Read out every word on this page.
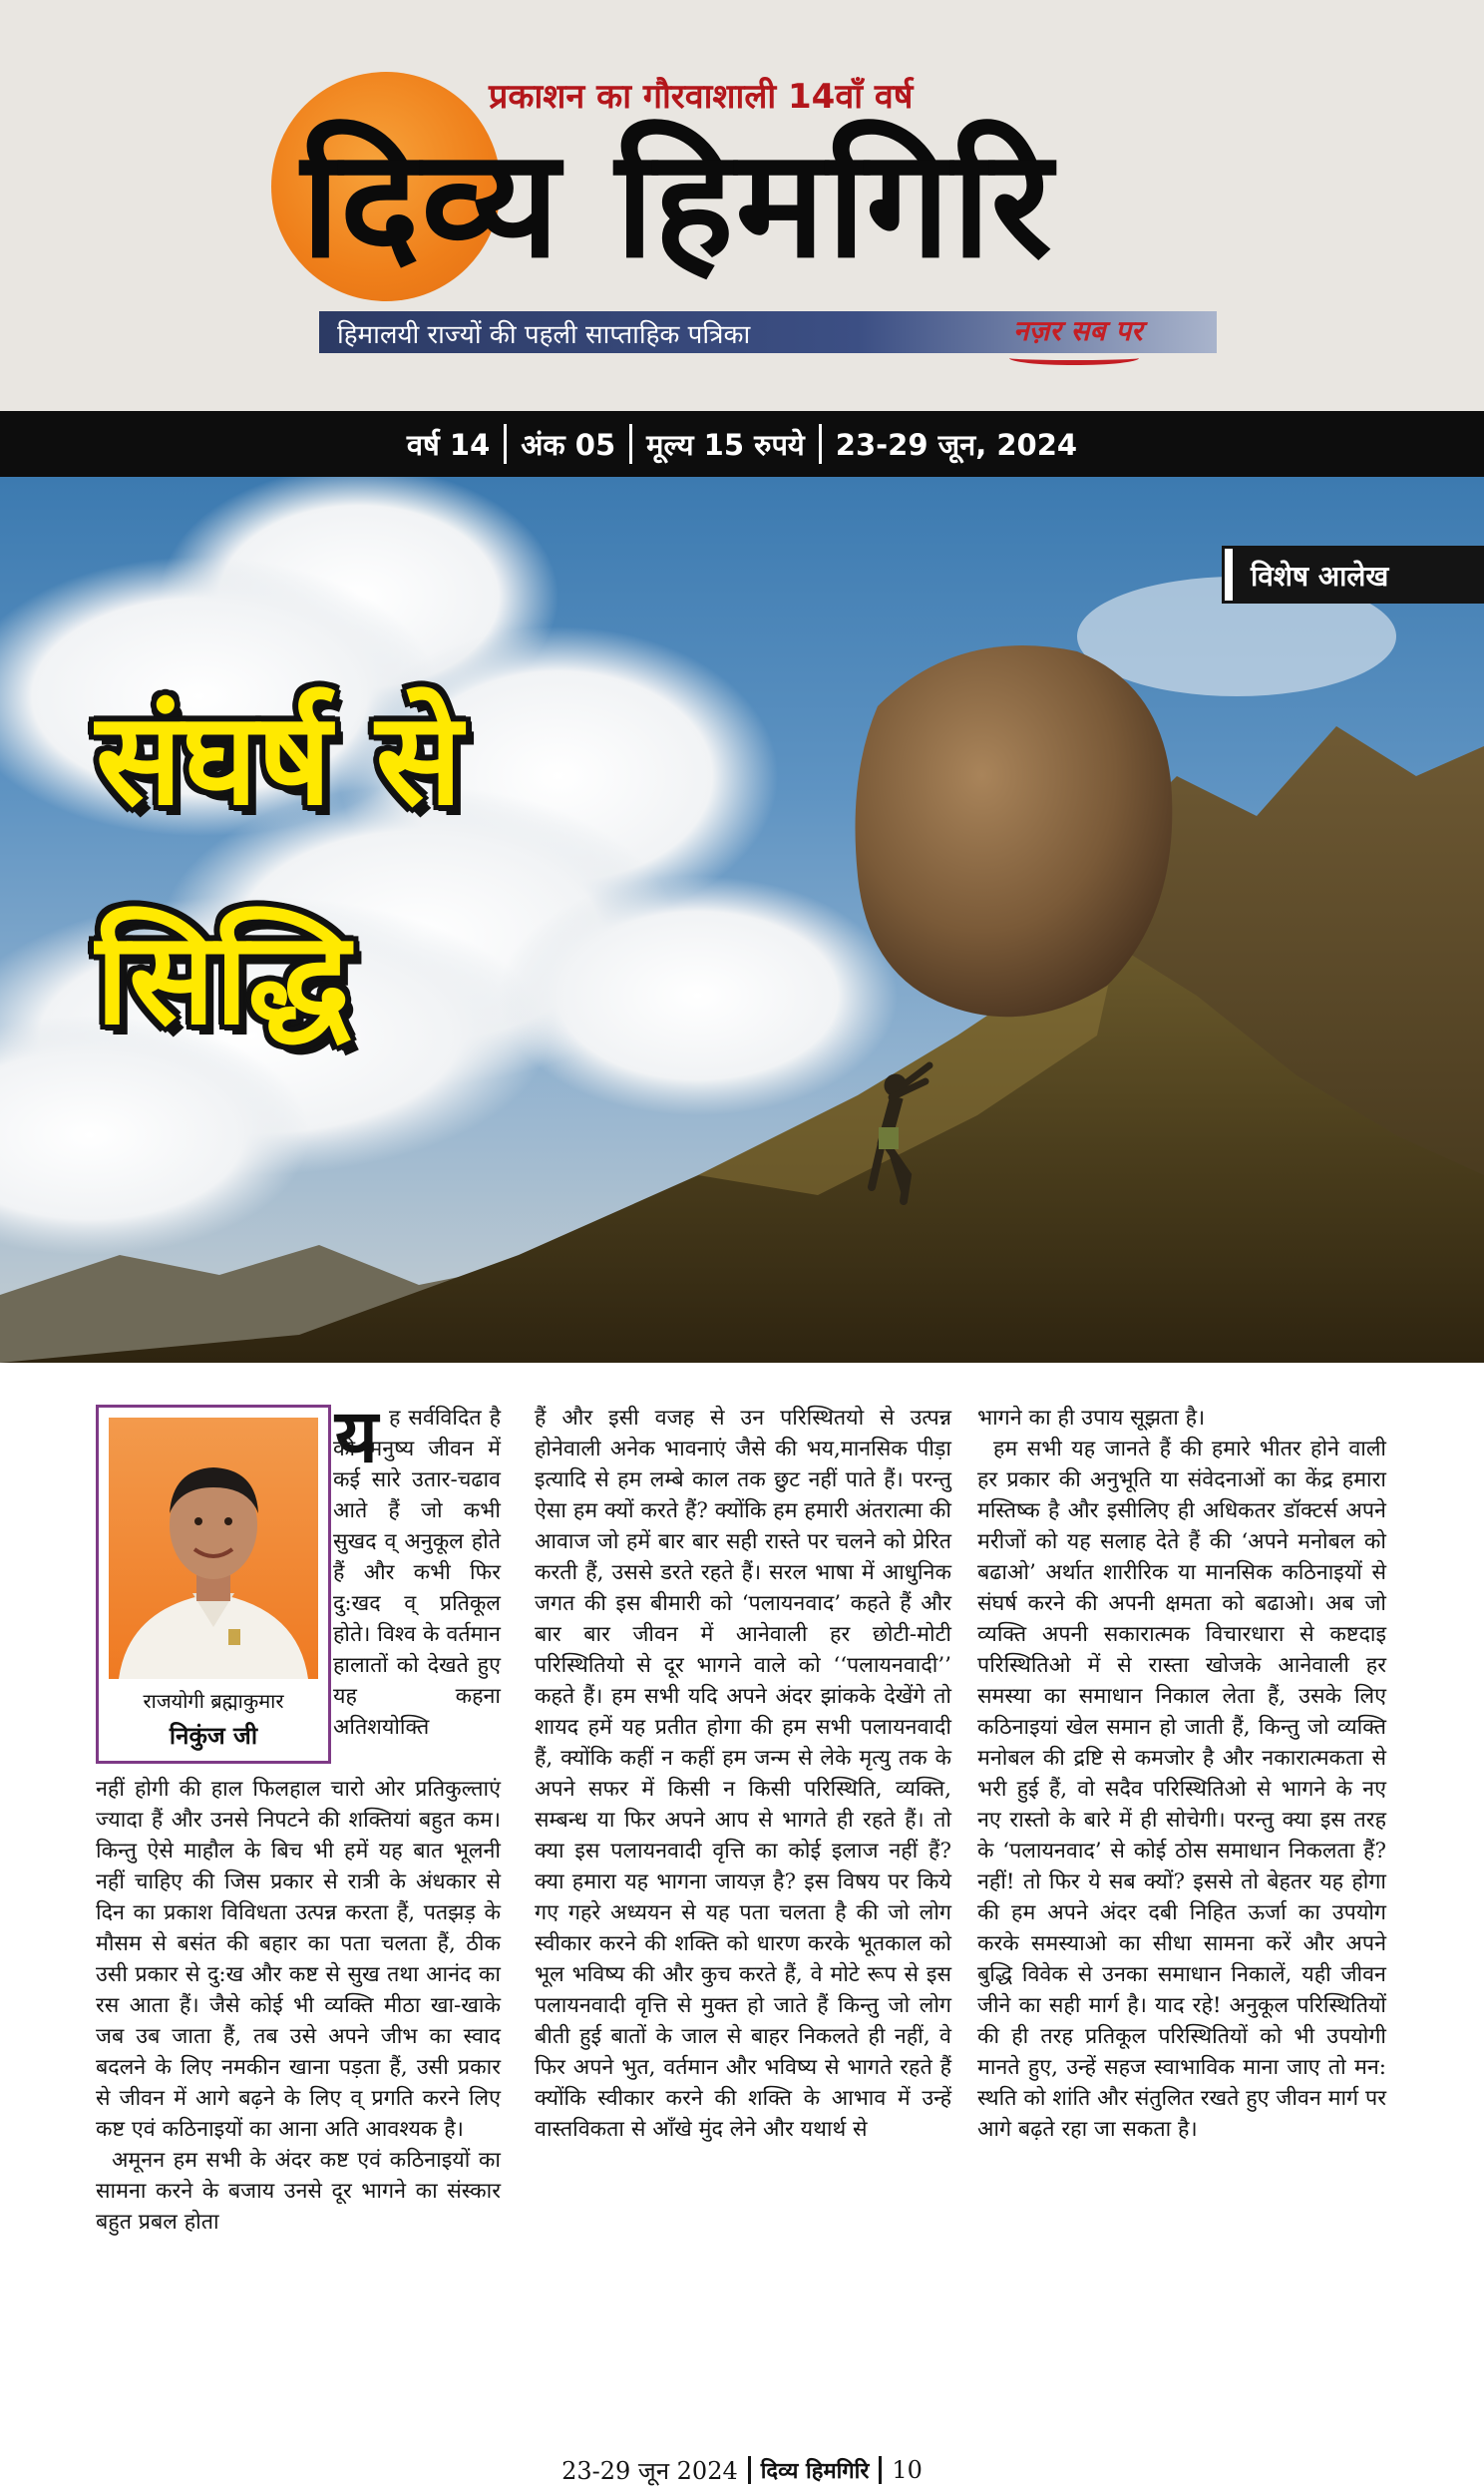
प्रकाशन का गौरवाशाली 14वाँ वर्ष
दिव्य हिमगिरि
हिमालयी राज्यों की पहली साप्ताहिक पत्रिका	नज़र सब पर
वर्ष 14	अंक 05	मूल्य 15 रुपये	23-29 जून, 2024
विशेष आलेख
संघर्ष से
सिद्धि
राजयोगी ब्रह्माकुमार
निकुंज जी
य ह सर्वविदित है की मनुष्य जीवन में कई सारे उतार-चढाव आते हैं जो कभी सुखद व् अनुकूल होते हैं और कभी फिर दु:खद व् प्रतिकूल होते। विश्व के वर्तमान हालातों को देखते हुए यह कहना अतिशयोक्ति

नहीं होगी की हाल फिलहाल चारो ओर प्रतिकुल्ताएं ज्यादा हैं और उनसे निपटने की शक्तियां बहुत कम। किन्तु ऐसे माहौल के बिच भी हमें यह बात भूलनी नहीं चाहिए की जिस प्रकार से रात्री के अंधकार से दिन का प्रकाश विविधता उत्पन्न करता हैं, पतझड़ के मौसम से बसंत की बहार का पता चलता हैं, ठीक उसी प्रकार से दु:ख और कष्ट से सुख तथा आनंद का रस आता हैं। जैसे कोई भी व्यक्ति मीठा खा-खाके जब उब जाता हैं, तब उसे अपने जीभ का स्वाद बदलने के लिए नमकीन खाना पड़ता हैं, उसी प्रकार से जीवन में आगे बढ़ने के लिए व् प्रगति करने लिए कष्ट एवं कठिनाइयों का आना अति आवश्यक है।

अमूनन हम सभी के अंदर कष्ट एवं कठिनाइयों का सामना करने के बजाय उनसे दूर भागने का संस्कार बहुत प्रबल होता

हैं और इसी वजह से उन परिस्थितयो से उत्पन्न होनेवाली अनेक भावनाएं जैसे की भय,मानसिक पीड़ा इत्यादि से हम लम्बे काल तक छुट नहीं पाते हैं। परन्तु ऐसा हम क्यों करते हैं? क्योंकि हम हमारी अंतरात्मा की आवाज जो हमें बार बार सही रास्ते पर चलने को प्रेरित करती हैं, उससे डरते रहते हैं। सरल भाषा में आधुनिक जगत की इस बीमारी को ‘पलायनवाद’ कहते हैं और बार बार जीवन में आनेवाली हर छोटी-मोटी परिस्थितियो से दूर भागने वाले को ‘‘पलायनवादी’’ कहते हैं। हम सभी यदि अपने अंदर झांकके देखेंगे तो शायद हमें यह प्रतीत होगा की हम सभी पलायनवादी हैं, क्योंकि कहीं न कहीं हम जन्म से लेके मृत्यु तक के अपने सफर में किसी न किसी परिस्थिति, व्यक्ति, सम्बन्ध या फिर अपने आप से भागते ही रहते हैं। तो क्या इस पलायनवादी वृत्ति का कोई इलाज नहीं हैं? क्या हमारा यह भागना जायज़ है? इस विषय पर किये गए गहरे अध्ययन से यह पता चलता है की जो लोग स्वीकार करने की शक्ति को धारण करके भूतकाल को भूल भविष्य की और कुच करते हैं, वे मोटे रूप से इस पलायनवादी वृत्ति से मुक्त हो जाते हैं किन्तु जो लोग बीती हुई बातों के जाल से बाहर निकलते ही नहीं, वे फिर अपने भुत, वर्तमान और भविष्य से भागते रहते हैं क्योंकि स्वीकार करने की शक्ति के आभाव में उन्हें वास्तविकता से आँखे मुंद लेने और यथार्थ से

भागने का ही उपाय सूझता है।

हम सभी यह जानते हैं की हमारे भीतर होने वाली हर प्रकार की अनुभूति या संवेदनाओं का केंद्र हमारा मस्तिष्क है और इसीलिए ही अधिकतर डॉक्टर्स अपने मरीजों को यह सलाह देते हैं की ‘अपने मनोबल को बढाओ’ अर्थात शारीरिक या मानसिक कठिनाइयों से संघर्ष करने की अपनी क्षमता को बढाओ। अब जो व्यक्ति अपनी सकारात्मक विचारधारा से कष्टदाइ परिस्थितिओ में से रास्ता खोजके आनेवाली हर समस्या का समाधान निकाल लेता हैं, उसके लिए कठिनाइयां खेल समान हो जाती हैं, किन्तु जो व्यक्ति मनोबल की द्रष्टि से कमजोर है और नकारात्मकता से भरी हुई हैं, वो सदैव परिस्थितिओ से भागने के नए नए रास्तो के बारे में ही सोचेगी। परन्तु क्या इस तरह के ‘पलायनवाद’ से कोई ठोस समाधान निकलता हैं? नहीं! तो फिर ये सब क्यों? इससे तो बेहतर यह होगा की हम अपने अंदर दबी निहित ऊर्जा का उपयोग करके समस्याओ का सीधा सामना करें और अपने बुद्धि विवेक से उनका समाधान निकालें, यही जीवन जीने का सही मार्ग है। याद रहे! अनुकूल परिस्थितियों की ही तरह प्रतिकूल परिस्थितियों को भी उपयोगी मानते हुए, उन्हें सहज स्वाभाविक माना जाए तो मन: स्थति को शांति और संतुलित रखते हुए जीवन मार्ग पर आगे बढ़ते रहा जा सकता है।

23-29 जून 2024 दिव्य हिमगिरि 10
